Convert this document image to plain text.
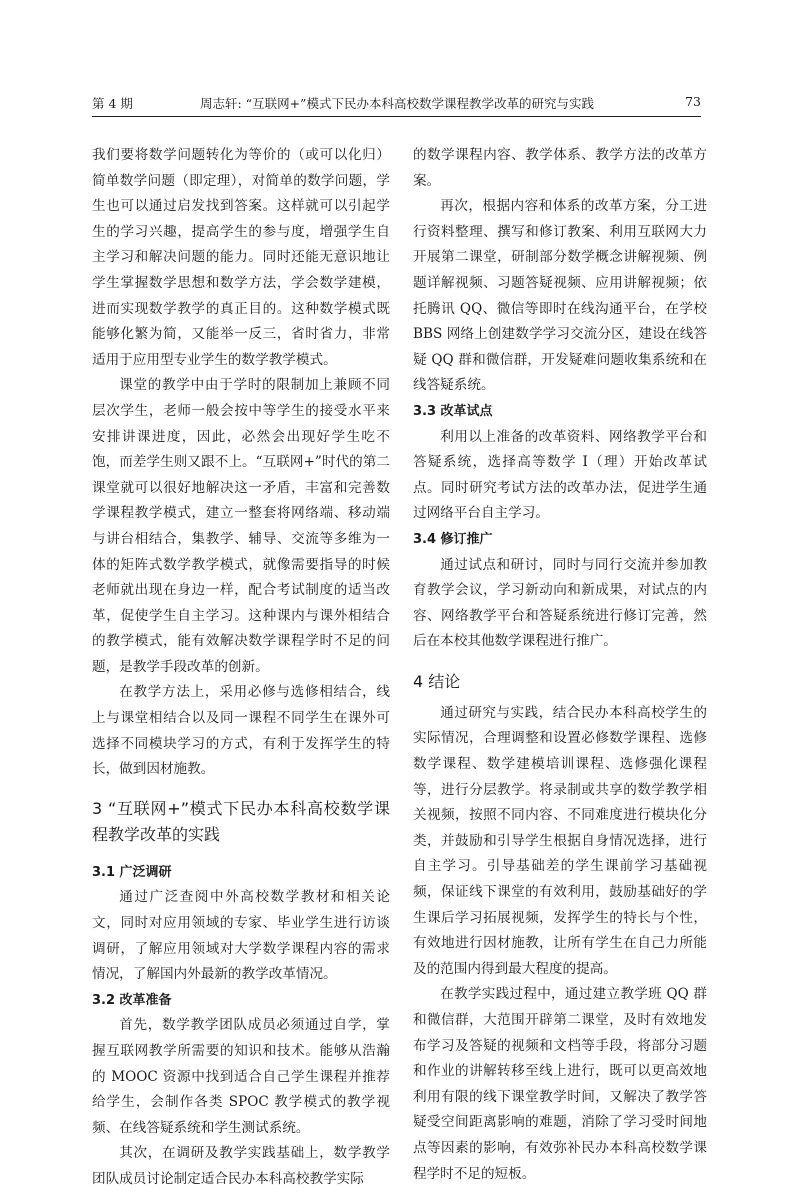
第 4 期	周志轩: “互联网+”模式下民办本科高校数学课程教学改革的研究与实践	73

我们要将数学问题转化为等价的（或可以化归）简单数学问题（即定理），对简单的数学问题，学生也可以通过启发找到答案。这样就可以引起学生的学习兴趣，提高学生的参与度，增强学生自主学习和解决问题的能力。同时还能无意识地让学生掌握数学思想和数学方法，学会数学建模，进而实现数学教学的真正目的。这种数学模式既能够化繁为简，又能举一反三，省时省力，非常适用于应用型专业学生的数学教学模式。

课堂的教学中由于学时的限制加上兼顾不同层次学生，老师一般会按中等学生的接受水平来安排讲课进度，因此，必然会出现好学生吃不饱，而差学生则又跟不上。“互联网+”时代的第二课堂就可以很好地解决这一矛盾，丰富和完善数学课程教学模式，建立一整套将网络端、移动端与讲台相结合，集教学、辅导、交流等多维为一体的矩阵式数学教学模式，就像需要指导的时候老师就出现在身边一样，配合考试制度的适当改革，促使学生自主学习。这种课内与课外相结合的教学模式，能有效解决数学课程学时不足的问题，是教学手段改革的创新。

在教学方法上，采用必修与选修相结合，线上与课堂相结合以及同一课程不同学生在课外可选择不同模块学习的方式，有利于发挥学生的特长，做到因材施教。

3 “互联网+”模式下民办本科高校数学课程教学改革的实践
3.1 广泛调研

通过广泛查阅中外高校数学教材和相关论文，同时对应用领域的专家、毕业学生进行访谈调研，了解应用领域对大学数学课程内容的需求情况，了解国内外最新的教学改革情况。

3.2 改革准备

首先，数学教学团队成员必须通过自学，掌握互联网教学所需要的知识和技术。能够从浩瀚的 MOOC 资源中找到适合自己学生课程并推荐给学生，会制作各类 SPOC 教学模式的教学视频、在线答疑系统和学生测试系统。

其次，在调研及教学实践基础上，数学教学团队成员讨论制定适合民办本科高校教学实际

的数学课程内容、教学体系、教学方法的改革方案。

再次，根据内容和体系的改革方案，分工进行资料整理、撰写和修订教案、利用互联网大力开展第二课堂，研制部分数学概念讲解视频、例题详解视频、习题答疑视频、应用讲解视频；依托腾讯 QQ、微信等即时在线沟通平台，在学校 BBS 网络上创建数学学习交流分区，建设在线答疑 QQ 群和微信群，开发疑难问题收集系统和在线答疑系统。

3.3 改革试点

利用以上准备的改革资料、网络教学平台和答疑系统，选择高等数学 I（理）开始改革试点。同时研究考试方法的改革办法，促进学生通过网络平台自主学习。

3.4 修订推广

通过试点和研讨，同时与同行交流并参加教育教学会议，学习新动向和新成果，对试点的内容、网络教学平台和答疑系统进行修订完善，然后在本校其他数学课程进行推广。

4 结论

通过研究与实践，结合民办本科高校学生的实际情况，合理调整和设置必修数学课程、选修数学课程、数学建模培训课程、选修强化课程等，进行分层教学。将录制或共享的数学教学相关视频，按照不同内容、不同难度进行模块化分类，并鼓励和引导学生根据自身情况选择，进行自主学习。引导基础差的学生课前学习基础视频，保证线下课堂的有效利用，鼓励基础好的学生课后学习拓展视频，发挥学生的特长与个性，有效地进行因材施教，让所有学生在自己力所能及的范围内得到最大程度的提高。

在教学实践过程中，通过建立教学班 QQ 群和微信群，大范围开辟第二课堂，及时有效地发布学习及答疑的视频和文档等手段，将部分习题和作业的讲解转移至线上进行，既可以更高效地利用有限的线下课堂教学时间，又解决了教学答疑受空间距离影响的难题，消除了学习受时间地点等因素的影响，有效弥补民办本科高校数学课程学时不足的短板。
